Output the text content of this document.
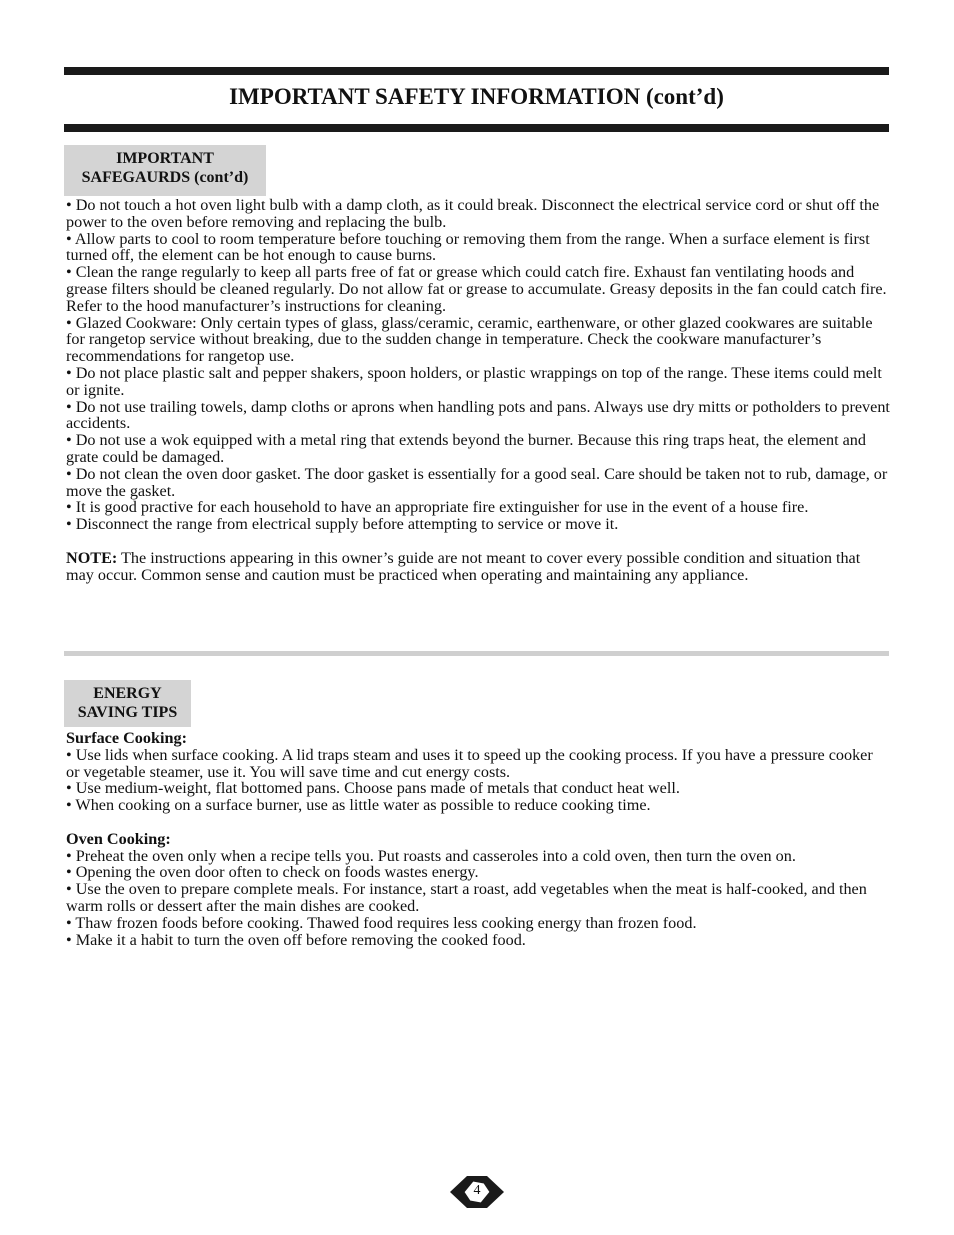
IMPORTANT SAFETY INFORMATION (cont’d)
IMPORTANT
SAFEGAURDS (cont’d)

• Do not touch a hot oven light bulb with a damp cloth, as it could break. Disconnect the electrical service cord or shut off the power to the oven before removing and replacing the bulb.

• Allow parts to cool to room temperature before touching or removing them from the range. When a surface element is first turned off, the element can be hot enough to cause burns.

• Clean the range regularly to keep all parts free of fat or grease which could catch fire. Exhaust fan ventilating hoods and grease filters should be cleaned regularly. Do not allow fat or grease to accumulate. Greasy deposits in the fan could catch fire. Refer to the hood manufacturer’s instructions for cleaning.

• Glazed Cookware: Only certain types of glass, glass/ceramic, ceramic, earthenware, or other glazed cookwares are suitable for rangetop service without breaking, due to the sudden change in temperature. Check the cookware manufacturer’s recommendations for rangetop use.

• Do not place plastic salt and pepper shakers, spoon holders, or plastic wrappings on top of the range. These items could melt or ignite.

• Do not use trailing towels, damp cloths or aprons when handling pots and pans. Always use dry mitts or potholders to prevent accidents.

• Do not use a wok equipped with a metal ring that extends beyond the burner. Because this ring traps heat, the element and grate could be damaged.

• Do not clean the oven door gasket. The door gasket is essentially for a good seal. Care should be taken not to rub, damage, or move the gasket.

• It is good practive for each household to have an appropriate fire extinguisher for use in the event of a house fire.

• Disconnect the range from electrical supply before attempting to service or move it.

NOTE: The instructions appearing in this owner’s guide are not meant to cover every possible condition and situation that may occur. Common sense and caution must be practiced when operating and maintaining any appliance.

ENERGY
SAVING TIPS

Surface Cooking:

• Use lids when surface cooking. A lid traps steam and uses it to speed up the cooking process. If you have a pressure cooker or vegetable steamer, use it. You will save time and cut energy costs.

• Use medium-weight, flat bottomed pans. Choose pans made of metals that conduct heat well.

• When cooking on a surface burner, use as little water as possible to reduce cooking time.

Oven Cooking:

• Preheat the oven only when a recipe tells you. Put roasts and casseroles into a cold oven, then turn the oven on.

• Opening the oven door often to check on foods wastes energy.

• Use the oven to prepare complete meals. For instance, start a roast, add vegetables when the meat is half-cooked, and then warm rolls or dessert after the main dishes are cooked.

• Thaw frozen foods before cooking. Thawed food requires less cooking energy than frozen food.

• Make it a habit to turn the oven off before removing the cooked food.

4
